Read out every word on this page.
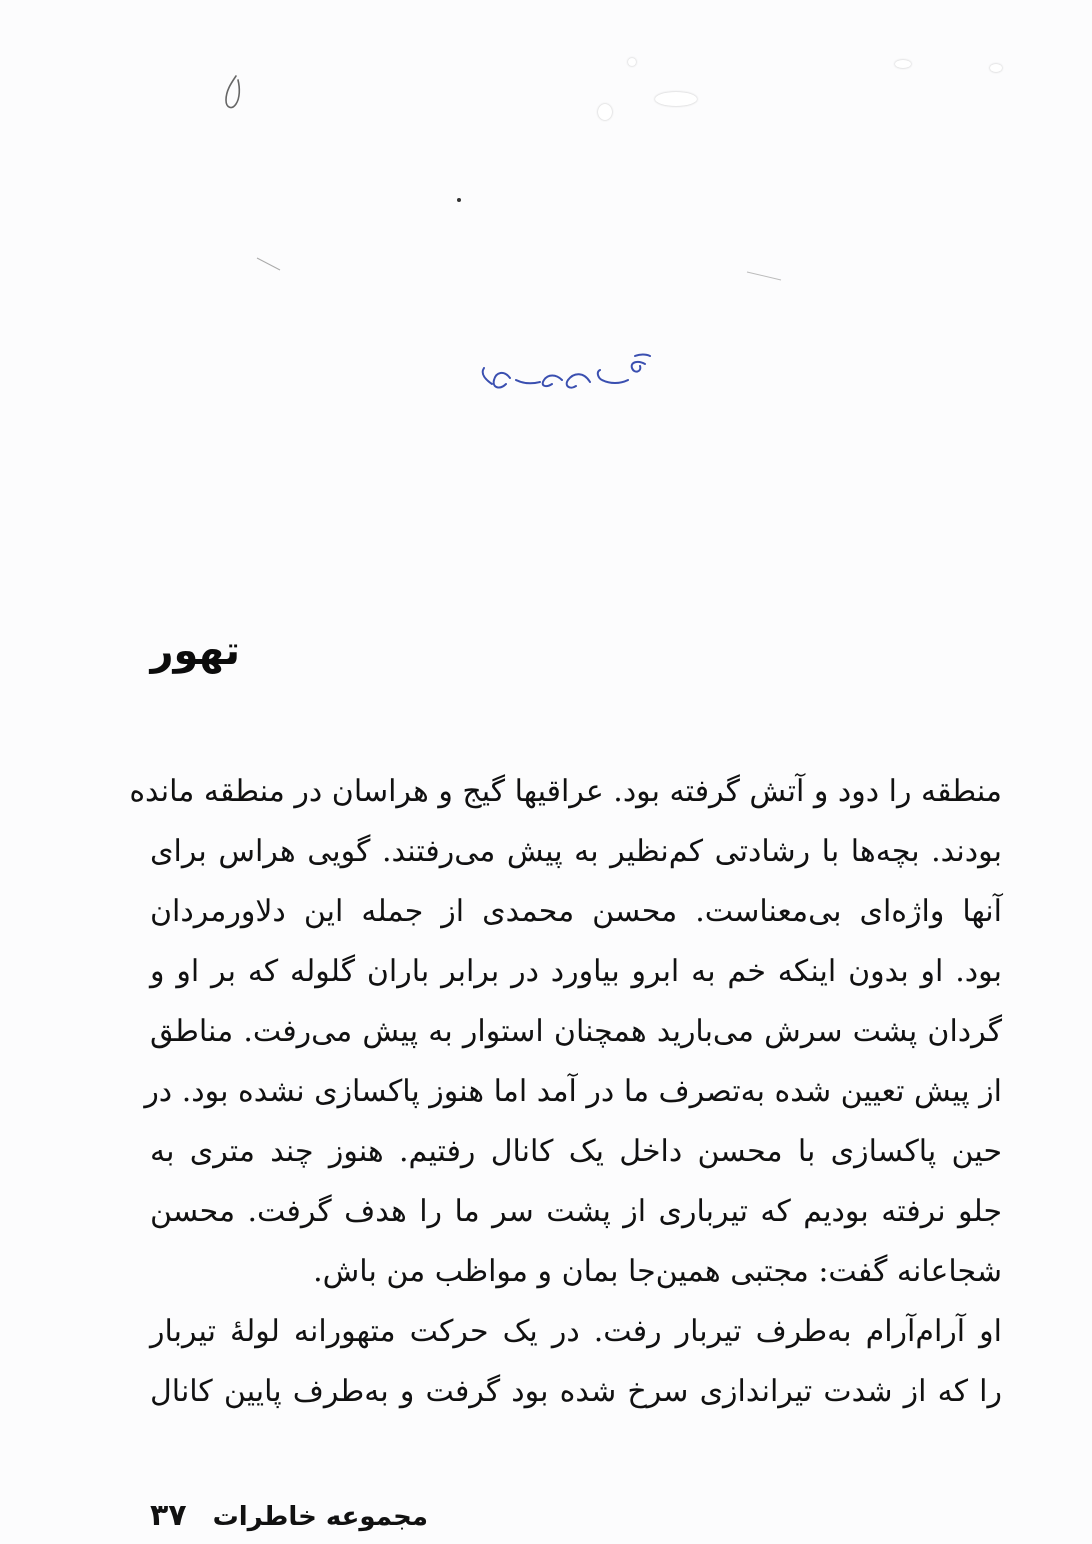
تهور
منطقه را دود و آتش گرفته بود. عراقیها گیج و هراسان در منطقه مانده
بودند. بچه‌ها با رشادتی کم‌نظیر به پیش می‌رفتند. گویی هراس برای
آنها واژه‌ای بی‌معناست. محسن محمدی از جمله این دلاورمردان
بود. او بدون اینکه خم به ابرو بیاورد در برابر باران گلوله که بر او و
گردان پشت سرش می‌بارید همچنان استوار به پیش می‌رفت. مناطق
از پیش تعیین شده به‌تصرف ما در آمد اما هنوز پاکسازی نشده بود. در
حین پاکسازی با محسن داخل یک کانال رفتیم. هنوز چند متری به
جلو نرفته بودیم که تیرباری از پشت سر ما را هدف گرفت. محسن
شجاعانه گفت: مجتبی همین‌جا بمان و مواظب من باش.
او آرام‌آرام به‌طرف تیربار رفت. در یک حرکت متهورانه لولهٔ تیربار
را که از شدت تیراندازی سرخ شده بود گرفت و به‌طرف پایین کانال
مجموعه خاطرات
۳۷
